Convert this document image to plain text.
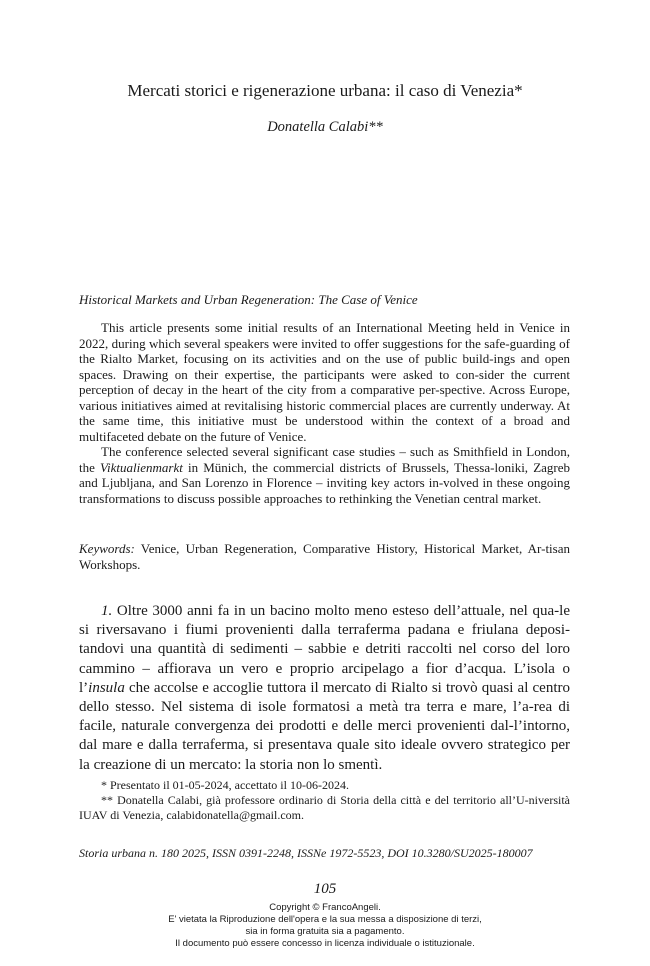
Mercati storici e rigenerazione urbana: il caso di Venezia*
Donatella Calabi**
Historical Markets and Urban Regeneration: The Case of Venice

This article presents some initial results of an International Meeting held in Venice in 2022, during which several speakers were invited to offer suggestions for the safe-guarding of the Rialto Market, focusing on its activities and on the use of public build-ings and open spaces. Drawing on their expertise, the participants were asked to con-sider the current perception of decay in the heart of the city from a comparative per-spective. Across Europe, various initiatives aimed at revitalising historic commercial places are currently underway. At the same time, this initiative must be understood within the context of a broad and multifaceted debate on the future of Venice.

The conference selected several significant case studies – such as Smithfield in London, the Viktualienmarkt in Münich, the commercial districts of Brussels, Thessa-loniki, Zagreb and Ljubljana, and San Lorenzo in Florence – inviting key actors in-volved in these ongoing transformations to discuss possible approaches to rethinking the Venetian central market.

Keywords: Venice, Urban Regeneration, Comparative History, Historical Market, Ar-tisan Workshops.

1. Oltre 3000 anni fa in un bacino molto meno esteso dell’attuale, nel qua-le si riversavano i fiumi provenienti dalla terraferma padana e friulana deposi-tandovi una quantità di sedimenti – sabbie e detriti raccolti nel corso del loro cammino – affiorava un vero e proprio arcipelago a fior d’acqua. L’isola o l’insula che accolse e accoglie tuttora il mercato di Rialto si trovò quasi al centro dello stesso. Nel sistema di isole formatosi a metà tra terra e mare, l’a-rea di facile, naturale convergenza dei prodotti e delle merci provenienti dal-l’intorno, dal mare e dalla terraferma, si presentava quale sito ideale ovvero strategico per la creazione di un mercato: la storia non lo smentì.

* Presentato il 01-05-2024, accettato il 10-06-2024.

** Donatella Calabi, già professore ordinario di Storia della città e del territorio all’U-niversità IUAV di Venezia, calabidonatella@gmail.com.

Storia urbana n. 180 2025, ISSN 0391-2248, ISSNe 1972-5523, DOI 10.3280/SU2025-180007
105
Copyright © FrancoAngeli.
E' vietata la Riproduzione dell'opera e la sua messa a disposizione di terzi,
sia in forma gratuita sia a pagamento.
Il documento può essere concesso in licenza individuale o istituzionale.
